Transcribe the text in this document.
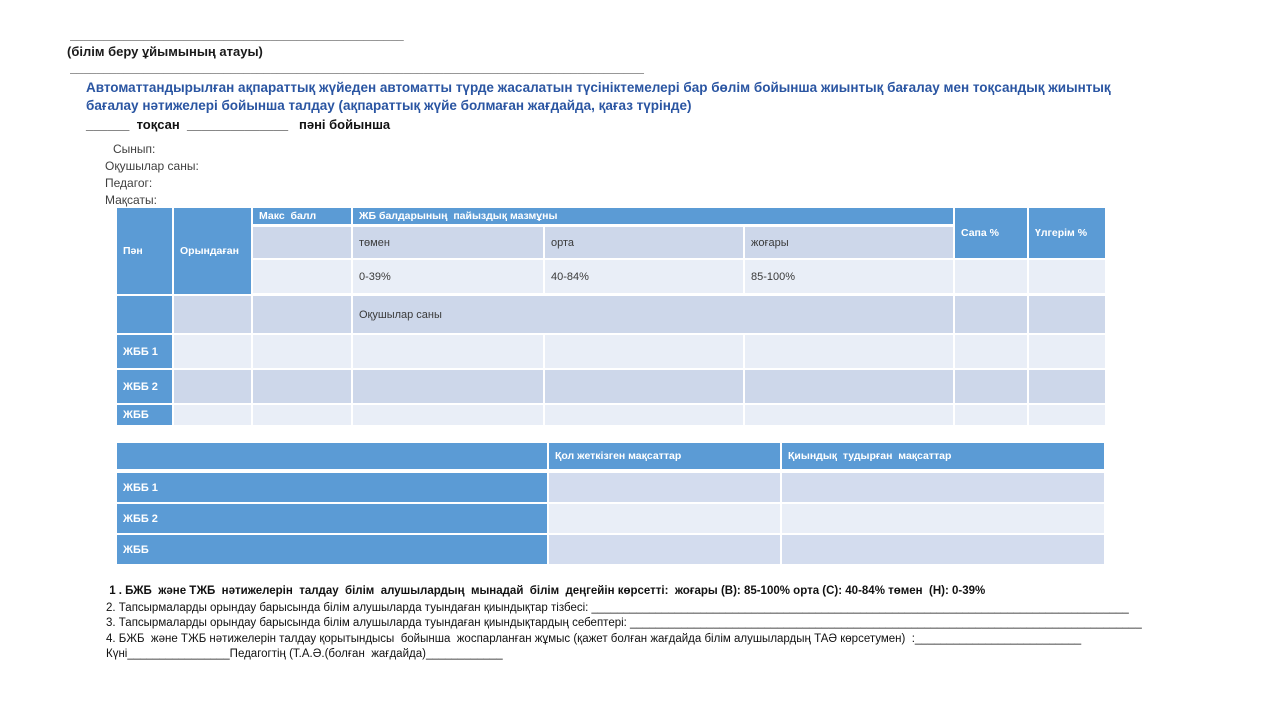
__________________________________________________
(білім беру ұйымының атауы)
______________________________________________________________________________________
Автоматтандырылған ақпараттық жүйеден автоматты түрде жасалатын түсініктемелері бар бөлім бойынша жиынтық бағалау мен тоқсандық жиынтық бағалау нәтижелері бойынша талдау (ақпараттық жүйе болмаған жағдайда, қағаз түрінде)
______  тоқсан  ______________   пәні бойынша
Сынып:
Оқушылар саны:
Педагог:
Мақсаты:
Пән	Орындаған	Макс  балл	ЖБ балдарының  пайыздық мазмұны			Сапа %	Үлгерім %
			төмен	орта	жоғары		
			0-39%	40-84%	85-100%		
			Оқушылар саны				
ЖББ 1							
ЖББ 2							
ЖББ							
	Қол жеткізген мақсаттар	Қиындық  тудырған  мақсаттар
ЖББ 1		
ЖББ 2		
ЖББ		
1 . БЖБ  және ТЖБ  нәтижелерін  талдау  білім  алушылардың  мынадай  білім  деңгейін көрсетті:  жоғары (В): 85-100% орта (С): 40-84% төмен  (Н): 0-39%
2. Тапсырмаларды орындау барысында білім алушыларда туындаған қиындықтар тізбесі: ____________________________________________________________________________________
3. Тапсырмаларды орындау барысында білім алушыларда туындаған қиындықтардың себептері: ________________________________________________________________________________
4. БЖБ  және ТЖБ нәтижелерін талдау қорытындысы  бойынша  жоспарланған жұмыс (қажет болған жағдайда білім алушылардың ТАӘ көрсетумен)  :__________________________
Күні________________Педагогтің (Т.А.Ә.(болған  жағдайда)____________
